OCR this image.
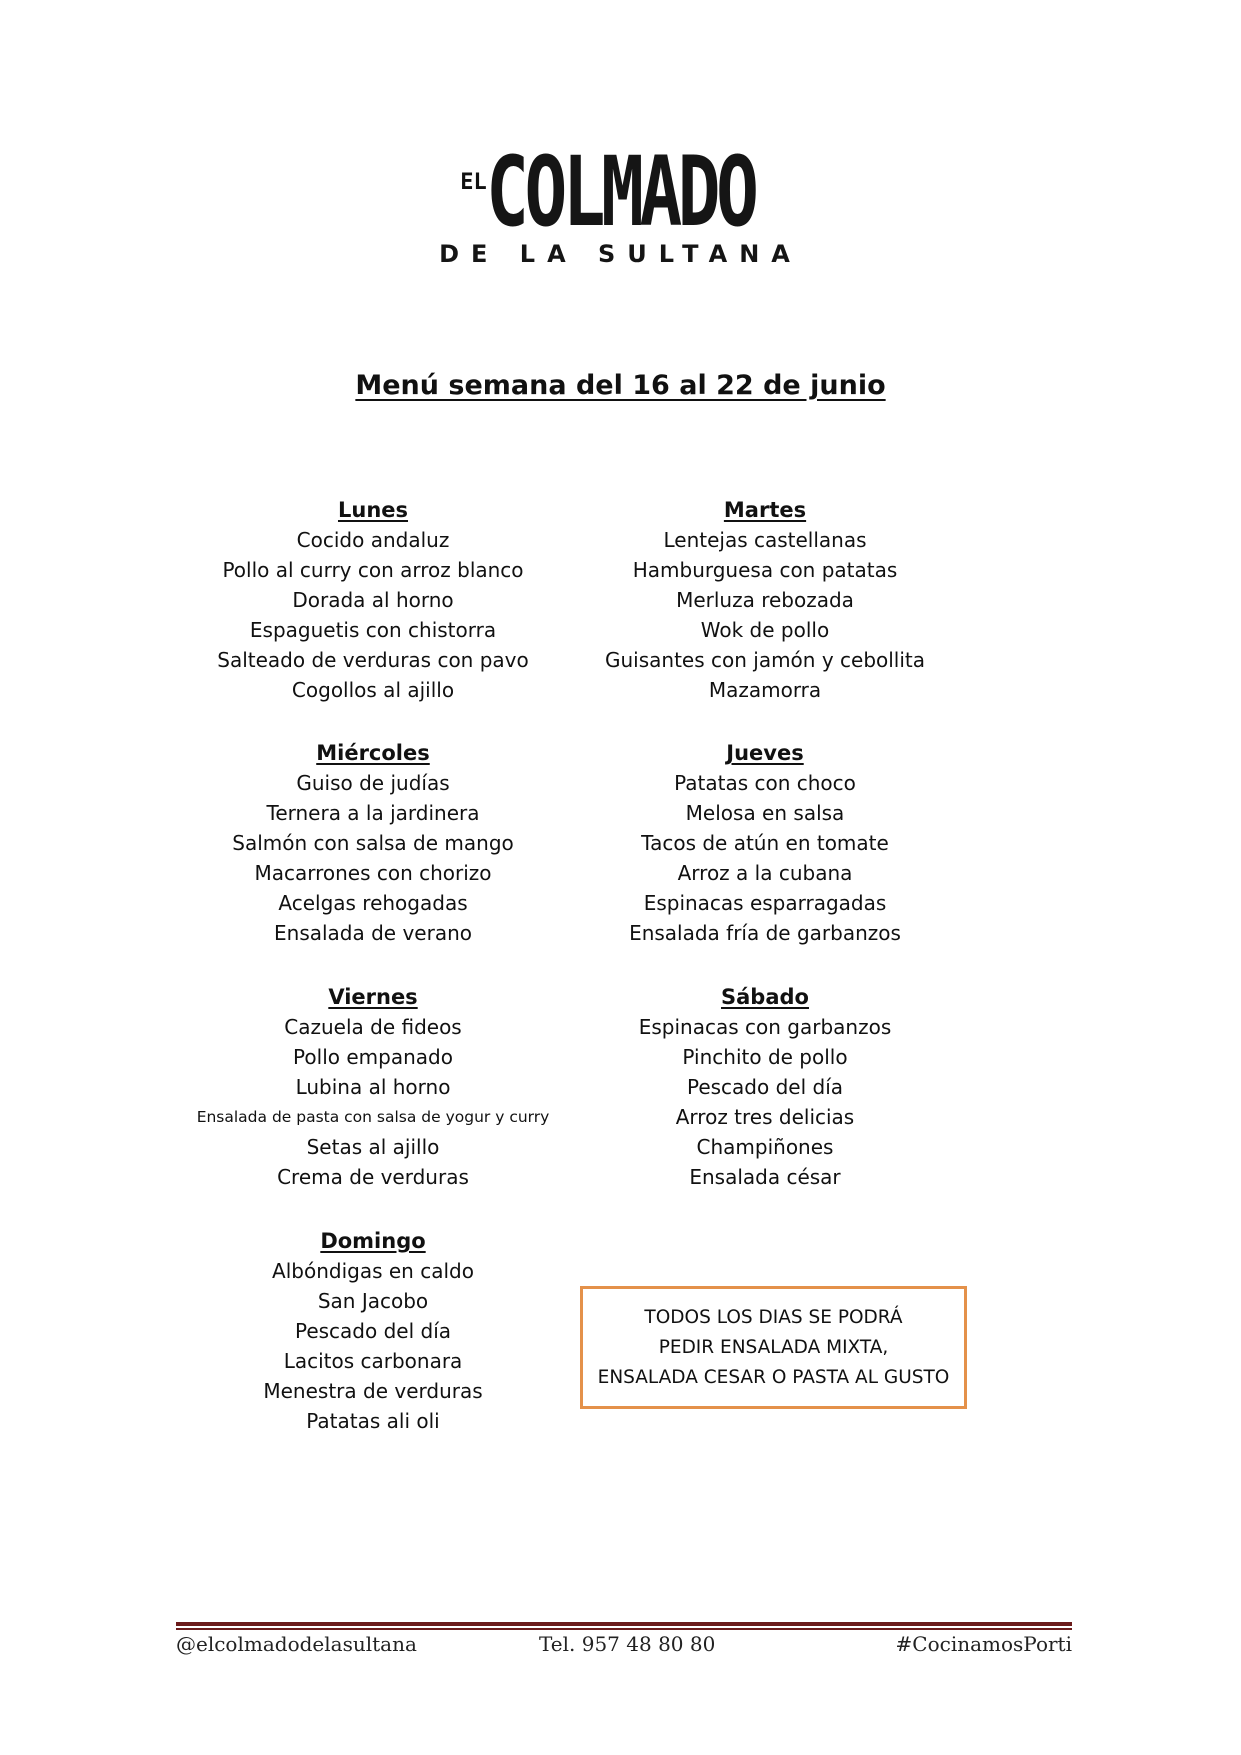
EL COLMADO
DE LA SULTANA
Menú semana del 16 al 22 de junio
Lunes
Cocido andaluz
Pollo al curry con arroz blanco
Dorada al horno
Espaguetis con chistorra
Salteado de verduras con pavo
Cogollos al ajillo
Martes
Lentejas castellanas
Hamburguesa con patatas
Merluza rebozada
Wok de pollo
Guisantes con jamón y cebollita
Mazamorra
Miércoles
Guiso de judías
Ternera a la jardinera
Salmón con salsa de mango
Macarrones con chorizo
Acelgas rehogadas
Ensalada de verano
Jueves
Patatas con choco
Melosa en salsa
Tacos de atún en tomate
Arroz a la cubana
Espinacas esparragadas
Ensalada fría de garbanzos
Viernes
Cazuela de fideos
Pollo empanado
Lubina al horno
Ensalada de pasta con salsa de yogur y curry
Setas al ajillo
Crema de verduras
Sábado
Espinacas con garbanzos
Pinchito de pollo
Pescado del día
Arroz tres delicias
Champiñones
Ensalada césar
Domingo
Albóndigas en caldo
San Jacobo
Pescado del día
Lacitos carbonara
Menestra de verduras
Patatas ali oli
TODOS LOS DIAS SE PODRÁ
PEDIR ENSALADA MIXTA,
ENSALADA CESAR O PASTA AL GUSTO
@elcolmadodelasultana	Tel. 957 48 80 80	#CocinamosPorti
